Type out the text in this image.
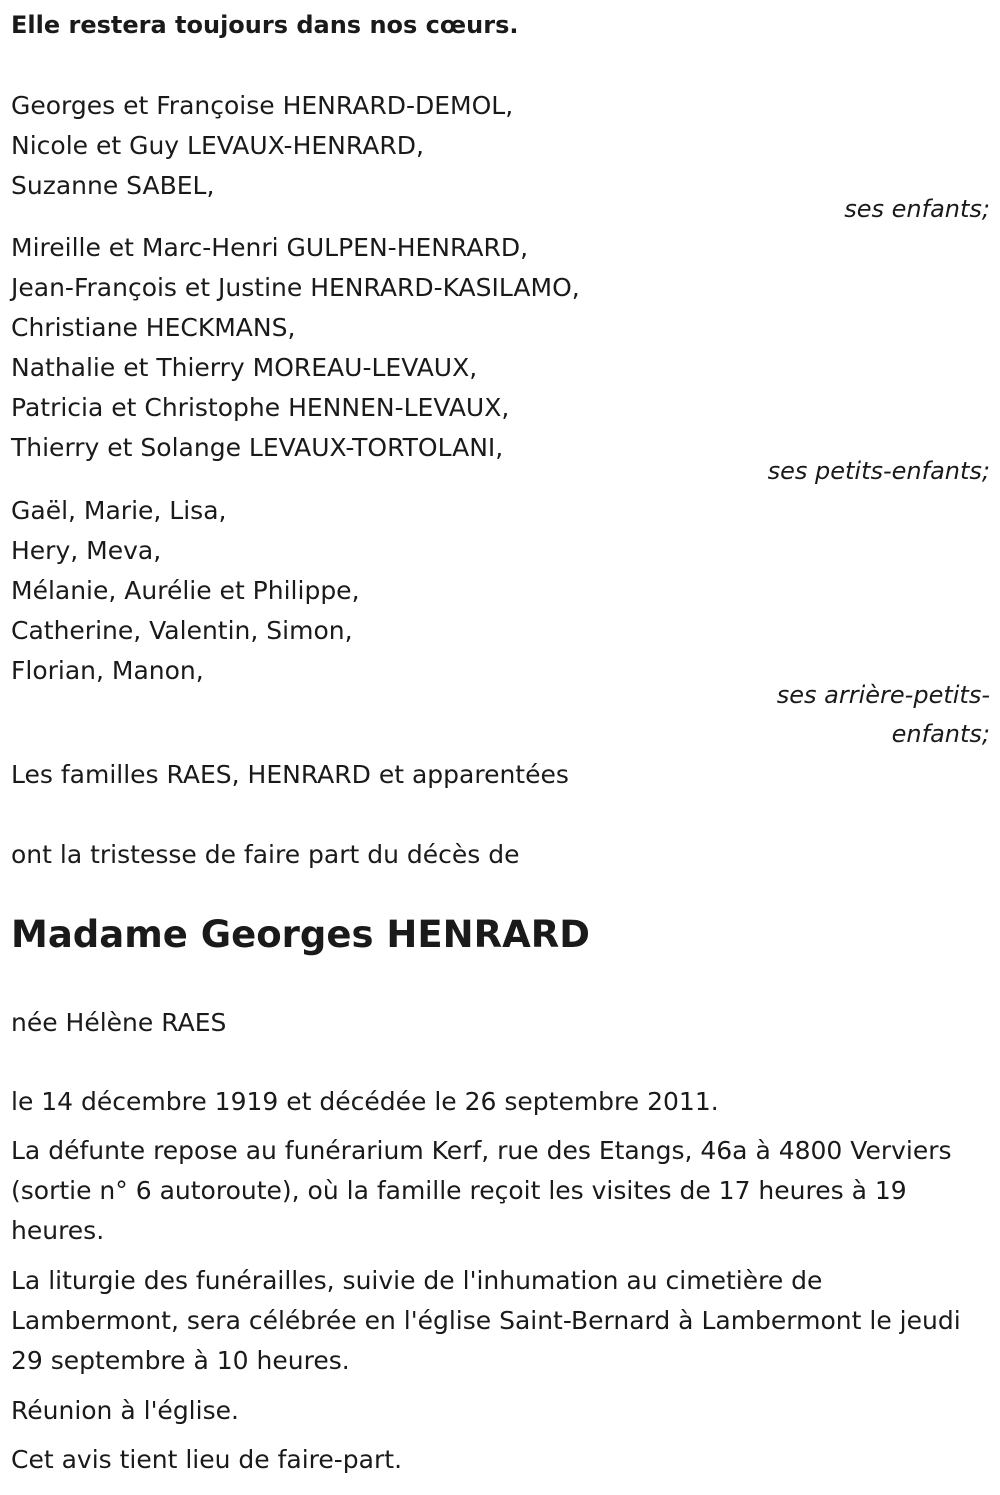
Elle restera toujours dans nos cœurs.
Georges et Françoise HENRARD-DEMOL,
Nicole et Guy LEVAUX-HENRARD,
Suzanne SABEL,
ses enfants;
Mireille et Marc-Henri GULPEN-HENRARD,
Jean-François et Justine HENRARD-KASILAMO,
Christiane HECKMANS,
Nathalie et Thierry MOREAU-LEVAUX,
Patricia et Christophe HENNEN-LEVAUX,
Thierry et Solange LEVAUX-TORTOLANI,
ses petits-enfants;
Gaël, Marie, Lisa,
Hery, Meva,
Mélanie, Aurélie et Philippe,
Catherine, Valentin, Simon,
Florian, Manon,
ses arrière-petits-
enfants;
Les familles RAES, HENRARD et apparentées
ont la tristesse de faire part du décès de
Madame Georges HENRARD
née Hélène RAES
le 14 décembre 1919 et décédée le 26 septembre 2011.
La défunte repose au funérarium Kerf, rue des Etangs, 46a à 4800 Verviers (sortie n° 6 autoroute), où la famille reçoit les visites de 17 heures à 19 heures.
La liturgie des funérailles, suivie de l'inhumation au cimetière de Lambermont, sera célébrée en l'église Saint-Bernard à Lambermont le jeudi 29 septembre à 10 heures.
Réunion à l'église.
Cet avis tient lieu de faire-part.
